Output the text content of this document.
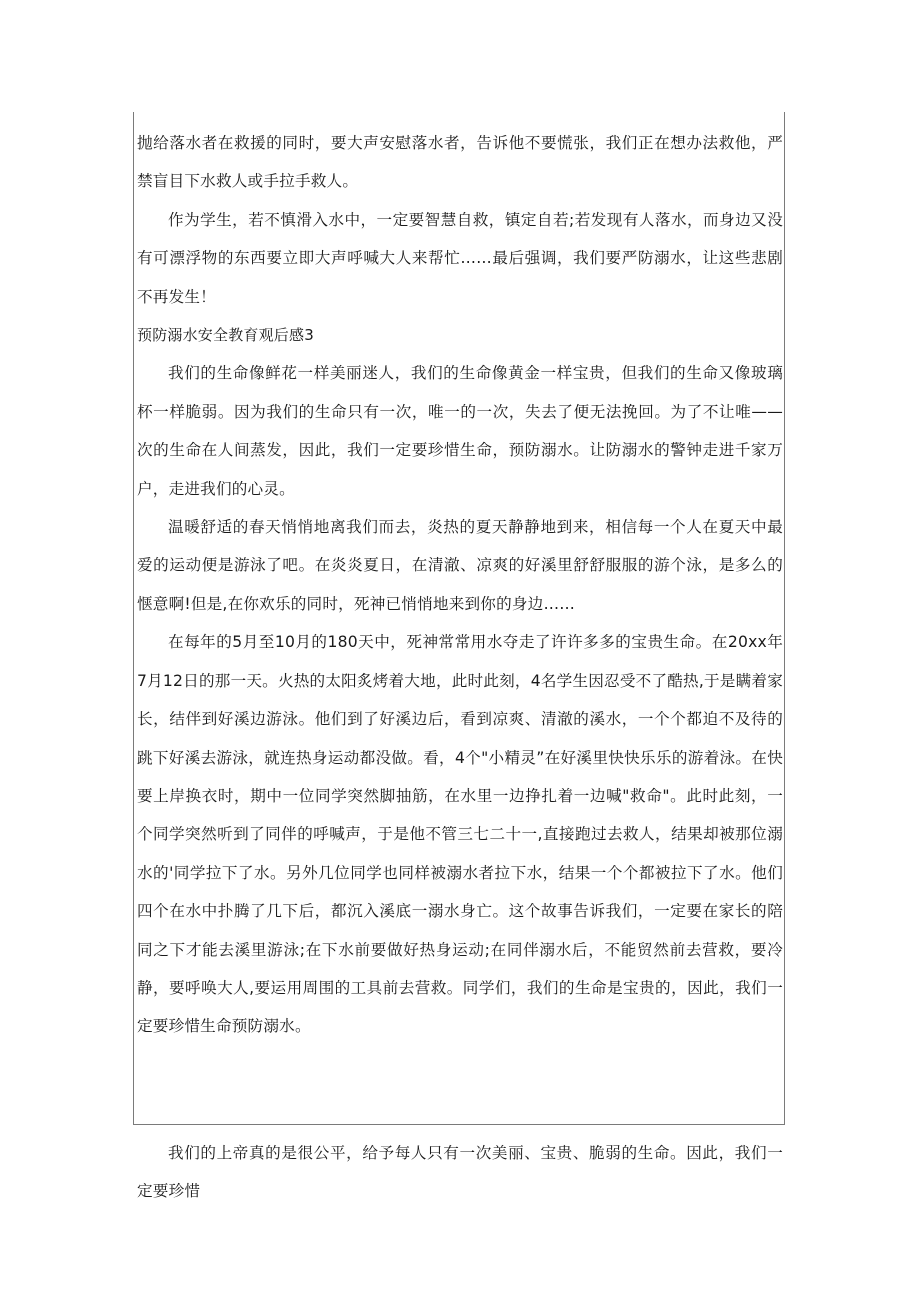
抛给落水者在救援的同时，要大声安慰落水者，告诉他不要慌张，我们正在想办法救他，严禁盲目下水救人或手拉手救人。

作为学生，若不慎滑入水中，一定要智慧自救，镇定自若;若发现有人落水，而身边又没有可漂浮物的东西要立即大声呼喊大人来帮忙……最后强调，我们要严防溺水，让这些悲剧不再发生！

预防溺水安全教育观后感3

我们的生命像鲜花一样美丽迷人，我们的生命像黄金一样宝贵，但我们的生命又像玻璃杯一样脆弱。因为我们的生命只有一次，唯一的一次，失去了便无法挽回。为了不让唯——次的生命在人间蒸发，因此，我们一定要珍惜生命，预防溺水。让防溺水的警钟走进千家万户，走进我们的心灵。

温暖舒适的春天悄悄地离我们而去，炎热的夏天静静地到来，相信每一个人在夏天中最爱的运动便是游泳了吧。在炎炎夏日，在清澈、凉爽的好溪里舒舒服服的游个泳，是多么的惬意啊!但是,在你欢乐的同时，死神已悄悄地来到你的身边……

在每年的5月至10月的180天中，死神常常用水夺走了许许多多的宝贵生命。在20xx年7月12日的那一天。火热的太阳炙烤着大地，此时此刻，4名学生因忍受不了酷热,于是瞒着家长，结伴到好溪边游泳。他们到了好溪边后，看到凉爽、清澈的溪水，一个个都迫不及待的跳下好溪去游泳，就连热身运动都没做。看，4个"小精灵”在好溪里快快乐乐的游着泳。在快要上岸换衣时，期中一位同学突然脚抽筋，在水里一边挣扎着一边喊"救命"。此时此刻，一个同学突然听到了同伴的呼喊声，于是他不管三七二十一,直接跑过去救人，结果却被那位溺水的'同学拉下了水。另外几位同学也同样被溺水者拉下水，结果一个个都被拉下了水。他们四个在水中扑腾了几下后，都沉入溪底一溺水身亡。这个故事告诉我们，一定要在家长的陪同之下才能去溪里游泳;在下水前要做好热身运动;在同伴溺水后，不能贸然前去营救，要冷静，要呼唤大人,要运用周围的工具前去营救。同学们，我们的生命是宝贵的，因此，我们一定要珍惜生命预防溺水。

我们的上帝真的是很公平，给予每人只有一次美丽、宝贵、脆弱的生命。因此，我们一定要珍惜
